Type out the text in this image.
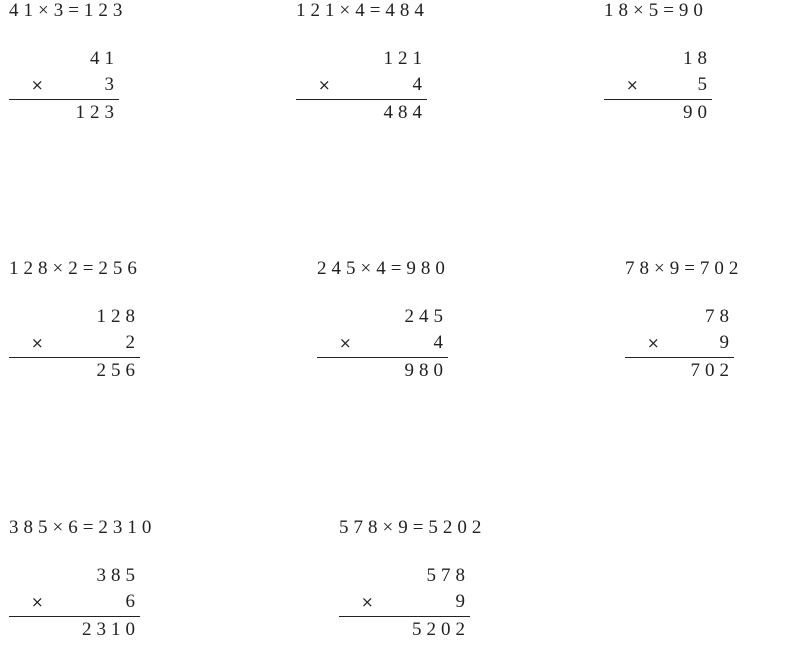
41×3=123
41
×	3
123
121×4=484
121
×	4
484
18×5=90
18
×	5
90
128×2=256
128
×	2
256
245×4=980
245
×	4
980
78×9=702
78
×	9
702
385×6=2310
385
×	6
2310
578×9=5202
578
×	9
5202
